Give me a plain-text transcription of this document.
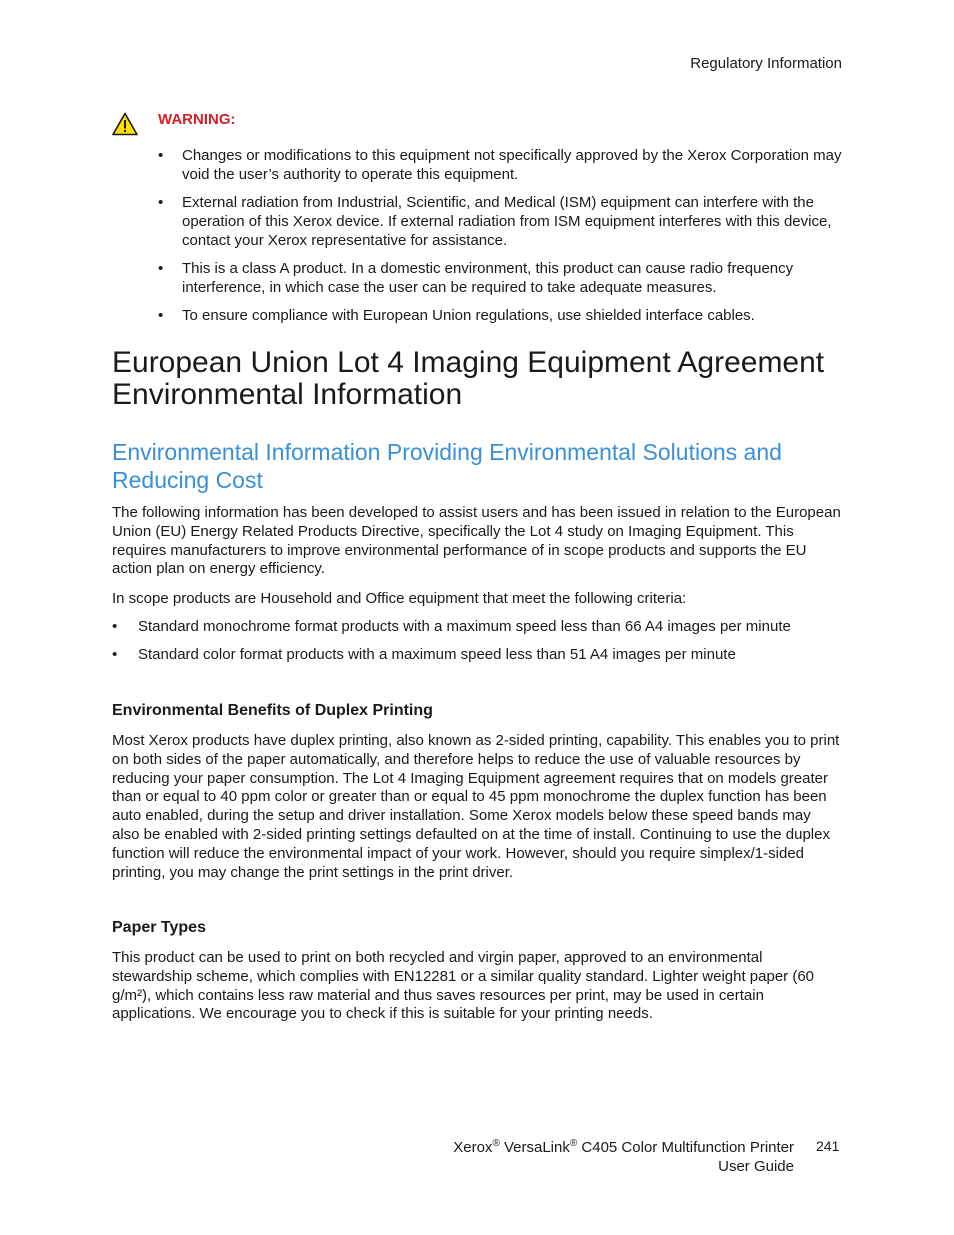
Regulatory Information
WARNING:
• Changes or modifications to this equipment not specifically approved by the Xerox Corporation may void the user’s authority to operate this equipment.
• External radiation from Industrial, Scientific, and Medical (ISM) equipment can interfere with the operation of this Xerox device. If external radiation from ISM equipment interferes with this device, contact your Xerox representative for assistance.
• This is a class A product. In a domestic environment, this product can cause radio frequency interference, in which case the user can be required to take adequate measures.
• To ensure compliance with European Union regulations, use shielded interface cables.
European Union Lot 4 Imaging Equipment Agreement Environmental Information
Environmental Information Providing Environmental Solutions and Reducing Cost

The following information has been developed to assist users and has been issued in relation to the European Union (EU) Energy Related Products Directive, specifically the Lot 4 study on Imaging Equipment. This requires manufacturers to improve environmental performance of in scope products and supports the EU action plan on energy efficiency.

In scope products are Household and Office equipment that meet the following criteria:

• Standard monochrome format products with a maximum speed less than 66 A4 images per minute
• Standard color format products with a maximum speed less than 51 A4 images per minute
Environmental Benefits of Duplex Printing

Most Xerox products have duplex printing, also known as 2-sided printing, capability. This enables you to print on both sides of the paper automatically, and therefore helps to reduce the use of valuable resources by reducing your paper consumption. The Lot 4 Imaging Equipment agreement requires that on models greater than or equal to 40 ppm color or greater than or equal to 45 ppm monochrome the duplex function has been auto enabled, during the setup and driver installation. Some Xerox models below these speed bands may also be enabled with 2-sided printing settings defaulted on at the time of install. Continuing to use the duplex function will reduce the environmental impact of your work. However, should you require simplex/1-sided printing, you may change the print settings in the print driver.

Paper Types

This product can be used to print on both recycled and virgin paper, approved to an environmental stewardship scheme, which complies with EN12281 or a similar quality standard. Lighter weight paper (60 g/m²), which contains less raw material and thus saves resources per print, may be used in certain applications. We encourage you to check if this is suitable for your printing needs.

Xerox® VersaLink® C405 Color Multifunction Printer
User Guide
241
